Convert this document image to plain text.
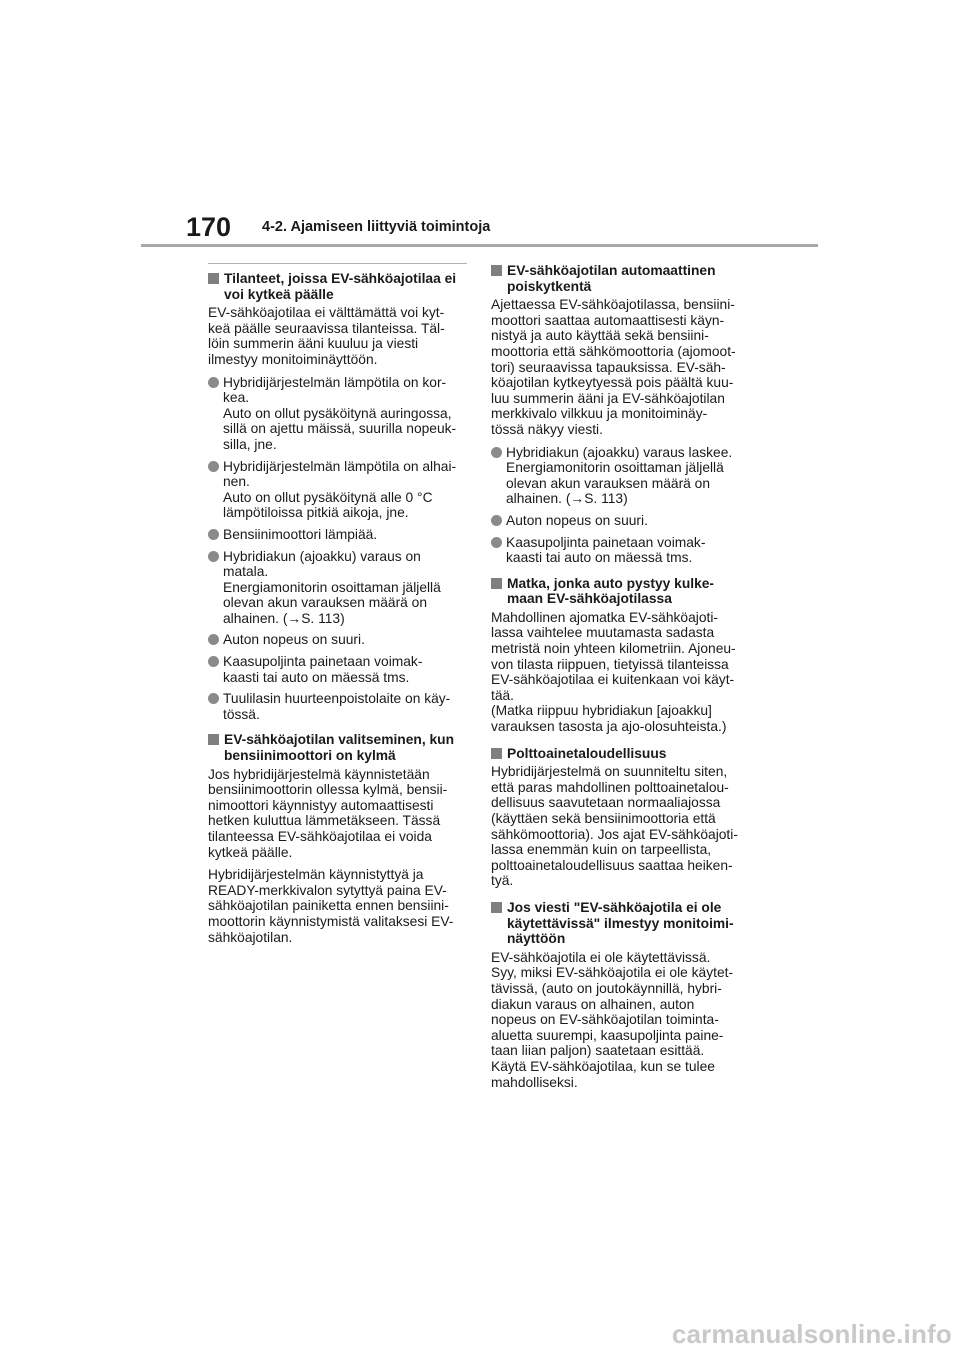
170 4-2. Ajamiseen liittyviä toimintoja
Tilanteet, joissa EV-sähköajotilaa ei
voi kytkeä päälle
EV-sähköajotilaa ei välttämättä voi kyt-
keä päälle seuraavissa tilanteissa. Täl-
löin summerin ääni kuuluu ja viesti
ilmestyy monitoiminäyttöön.
Hybridijärjestelmän lämpötila on kor-
kea.
Auto on ollut pysäköitynä auringossa,
sillä on ajettu mäissä, suurilla nopeuk-
silla, jne.
Hybridijärjestelmän lämpötila on alhai-
nen.
Auto on ollut pysäköitynä alle 0 °C
lämpötiloissa pitkiä aikoja, jne.
Bensiinimoottori lämpiää.
Hybridiakun (ajoakku) varaus on
matala.
Energiamonitorin osoittaman jäljellä
olevan akun varauksen määrä on
alhainen. (→S. 113)
Auton nopeus on suuri.
Kaasupoljinta painetaan voimak-
kaasti tai auto on mäessä tms.
Tuulilasin huurteenpoistolaite on käy-
tössä.
EV-sähköajotilan valitseminen, kun
bensiinimoottori on kylmä
Jos hybridijärjestelmä käynnistetään
bensiinimoottorin ollessa kylmä, bensii-
nimoottori käynnistyy automaattisesti
hetken kuluttua lämmetäkseen. Tässä
tilanteessa EV-sähköajotilaa ei voida
kytkeä päälle.
Hybridijärjestelmän käynnistyttyä ja
READY-merkkivalon sytyttyä paina EV-
sähköajotilan painiketta ennen bensiini-
moottorin käynnistymistä valitaksesi EV-
sähköajotilan.
EV-sähköajotilan automaattinen
poiskytkentä
Ajettaessa EV-sähköajotilassa, bensiini-
moottori saattaa automaattisesti käyn-
nistyä ja auto käyttää sekä bensiini-
moottoria että sähkömoottoria (ajomoot-
tori) seuraavissa tapauksissa. EV-säh-
köajotilan kytkeytyessä pois päältä kuu-
luu summerin ääni ja EV-sähköajotilan
merkkivalo vilkkuu ja monitoiminäy-
tössä näkyy viesti.
Hybridiakun (ajoakku) varaus laskee.
Energiamonitorin osoittaman jäljellä
olevan akun varauksen määrä on
alhainen. (→S. 113)
Auton nopeus on suuri.
Kaasupoljinta painetaan voimak-
kaasti tai auto on mäessä tms.
Matka, jonka auto pystyy kulke-
maan EV-sähköajotilassa
Mahdollinen ajomatka EV-sähköajoti-
lassa vaihtelee muutamasta sadasta
metristä noin yhteen kilometriin. Ajoneu-
von tilasta riippuen, tietyissä tilanteissa
EV-sähköajotilaa ei kuitenkaan voi käyt-
tää.
(Matka riippuu hybridiakun [ajoakku]
varauksen tasosta ja ajo-olosuhteista.)
Polttoainetaloudellisuus
Hybridijärjestelmä on suunniteltu siten,
että paras mahdollinen polttoainetalou-
dellisuus saavutetaan normaaliajossa
(käyttäen sekä bensiinimoottoria että
sähkömoottoria). Jos ajat EV-sähköajoti-
lassa enemmän kuin on tarpeellista,
polttoainetaloudellisuus saattaa heiken-
tyä.
Jos viesti "EV-sähköajotila ei ole
käytettävissä" ilmestyy monitoimi-
näyttöön
EV-sähköajotila ei ole käytettävissä.
Syy, miksi EV-sähköajotila ei ole käytet-
tävissä, (auto on joutokäynnillä, hybri-
diakun varaus on alhainen, auton
nopeus on EV-sähköajotilan toiminta-
aluetta suurempi, kaasupoljinta paine-
taan liian paljon) saatetaan esittää.
Käytä EV-sähköajotilaa, kun se tulee
mahdolliseksi.
carmanualsonline.info
